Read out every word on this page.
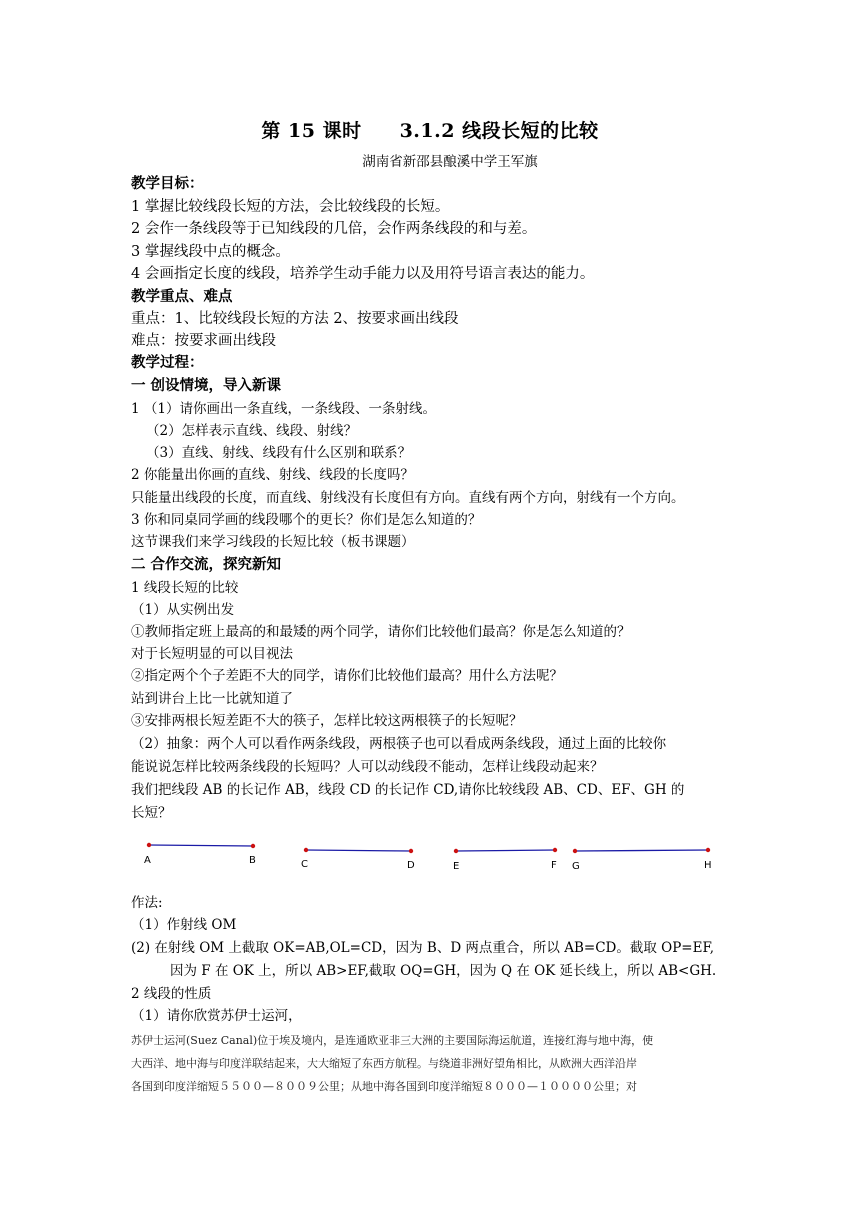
第 15 课时 3.1.2 线段长短的比较
湖南省新邵县酿溪中学王军旗
教学目标：
1 掌握比较线段长短的方法，会比较线段的长短。
2 会作一条线段等于已知线段的几倍，会作两条线段的和与差。
3 掌握线段中点的概念。
4 会画指定长度的线段，培养学生动手能力以及用符号语言表达的能力。
教学重点、难点
重点：1、比较线段长短的方法 2、按要求画出线段
难点：按要求画出线段
教学过程：
一 创设情境，导入新课
1 （1）请你画出一条直线，一条线段、一条射线。
（2）怎样表示直线、线段、射线？
（3）直线、射线、线段有什么区别和联系？
2 你能量出你画的直线、射线、线段的长度吗？
只能量出线段的长度，而直线、射线没有长度但有方向。直线有两个方向，射线有一个方向。
3 你和同桌同学画的线段哪个的更长？你们是怎么知道的？
这节课我们来学习线段的长短比较（板书课题）
二 合作交流，探究新知
1 线段长短的比较
（1）从实例出发
①教师指定班上最高的和最矮的两个同学，请你们比较他们最高？你是怎么知道的？
对于长短明显的可以目视法
②指定两个个子差距不大的同学，请你们比较他们最高？用什么方法呢？
站到讲台上比一比就知道了
③安排两根长短差距不大的筷子，怎样比较这两根筷子的长短呢？
（2）抽象：两个人可以看作两条线段，两根筷子也可以看成两条线段，通过上面的比较你
能说说怎样比较两条线段的长短吗？人可以动线段不能动，怎样让线段动起来？
我们把线段 AB 的长记作 AB，线段 CD 的长记作 CD,请你比较线段 AB、CD、EF、GH 的
长短？
A	B	C	D	E	F G	H
作法:
（1）作射线 OM
(2) 在射线 OM 上截取 OK=AB,OL=CD，因为 B、D 两点重合，所以 AB=CD。截取 OP=EF,
因为 F 在 OK 上，所以 AB>EF,截取 OQ=GH，因为 Q 在 OK 延长线上，所以 AB<GH.
2 线段的性质
（1）请你欣赏苏伊士运河，
苏伊士运河(Suez Canal)位于埃及境内，是连通欧亚非三大洲的主要国际海运航道，连接红海与地中海，使
大西洋、地中海与印度洋联结起来，大大缩短了东西方航程。与绕道非洲好望角相比，从欧洲大西洋沿岸
各国到印度洋缩短５５００—８００９公里；从地中海各国到印度洋缩短８０００—１００００公里；对
